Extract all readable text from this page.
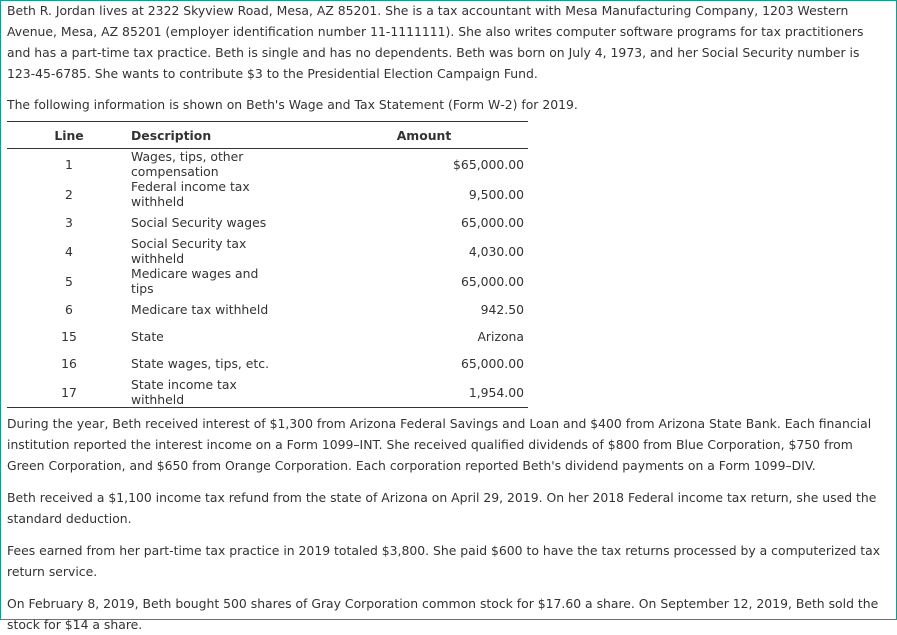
Beth R. Jordan lives at 2322 Skyview Road, Mesa, AZ 85201. She is a tax accountant with Mesa Manufacturing Company, 1203 Western Avenue, Mesa, AZ 85201 (employer identification number 11-1111111). She also writes computer software programs for tax practitioners and has a part-time tax practice. Beth is single and has no dependents. Beth was born on July 4, 1973, and her Social Security number is 123-45-6785. She wants to contribute $3 to the Presidential Election Campaign Fund.

The following information is shown on Beth's Wage and Tax Statement (Form W‑2) for 2019.

Line	Description	Amount
1	Wages, tips, other compensation	$65,000.00
2	Federal income tax withheld	9,500.00
3	Social Security wages	65,000.00
4	Social Security tax withheld	4,030.00
5	Medicare wages and tips	65,000.00
6	Medicare tax withheld	942.50
15	State	Arizona
16	State wages, tips, etc.	65,000.00
17	State income tax withheld	1,954.00

During the year, Beth received interest of $1,300 from Arizona Federal Savings and Loan and $400 from Arizona State Bank. Each financial institution reported the interest income on a Form 1099–INT. She received qualified dividends of $800 from Blue Corporation, $750 from Green Corporation, and $650 from Orange Corporation. Each corporation reported Beth's dividend payments on a Form 1099–DIV.

Beth received a $1,100 income tax refund from the state of Arizona on April 29, 2019. On her 2018 Federal income tax return, she used the standard deduction.

Fees earned from her part-time tax practice in 2019 totaled $3,800. She paid $600 to have the tax returns processed by a computerized tax return service.

On February 8, 2019, Beth bought 500 shares of Gray Corporation common stock for $17.60 a share. On September 12, 2019, Beth sold the stock for $14 a share.
